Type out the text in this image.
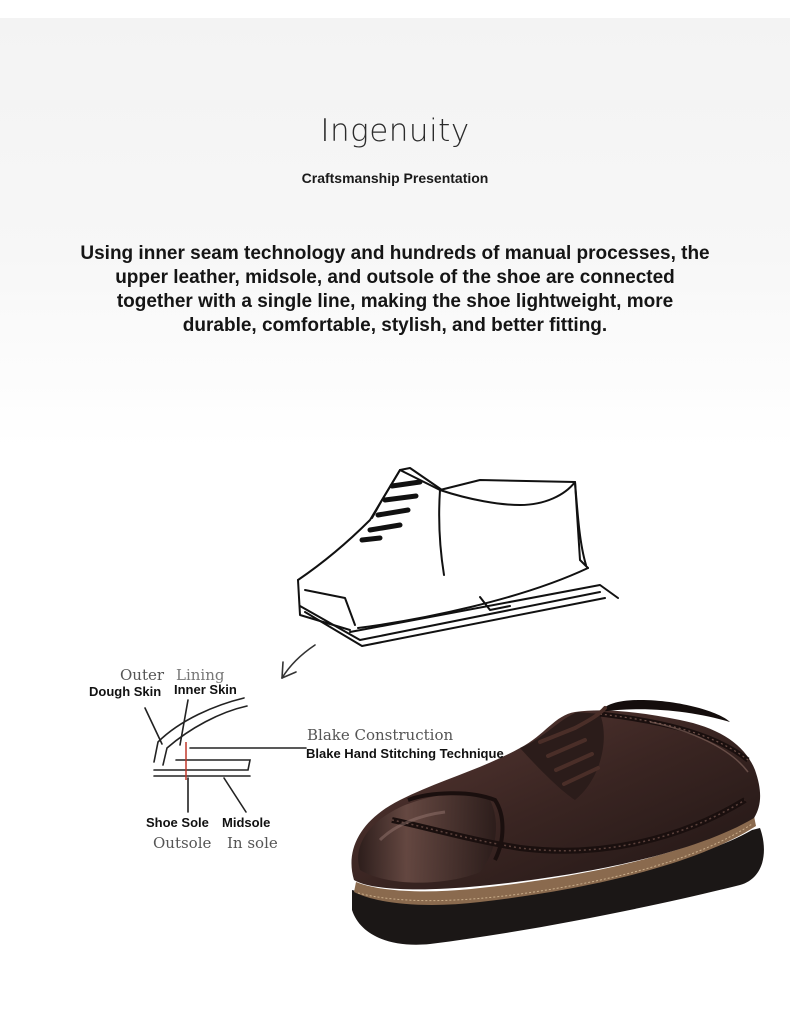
Ingenuity
Craftsmanship Presentation
Using inner seam technology and hundreds of manual processes, the upper leather, midsole, and outsole of the shoe are connected together with a single line, making the shoe lightweight, more durable, comfortable, stylish, and better fitting.
Outer Lining
Dough Skin Inner Skin
Blake Construction
Blake Hand Stitching Technique
Shoe Sole Midsole
Outsole In sole
